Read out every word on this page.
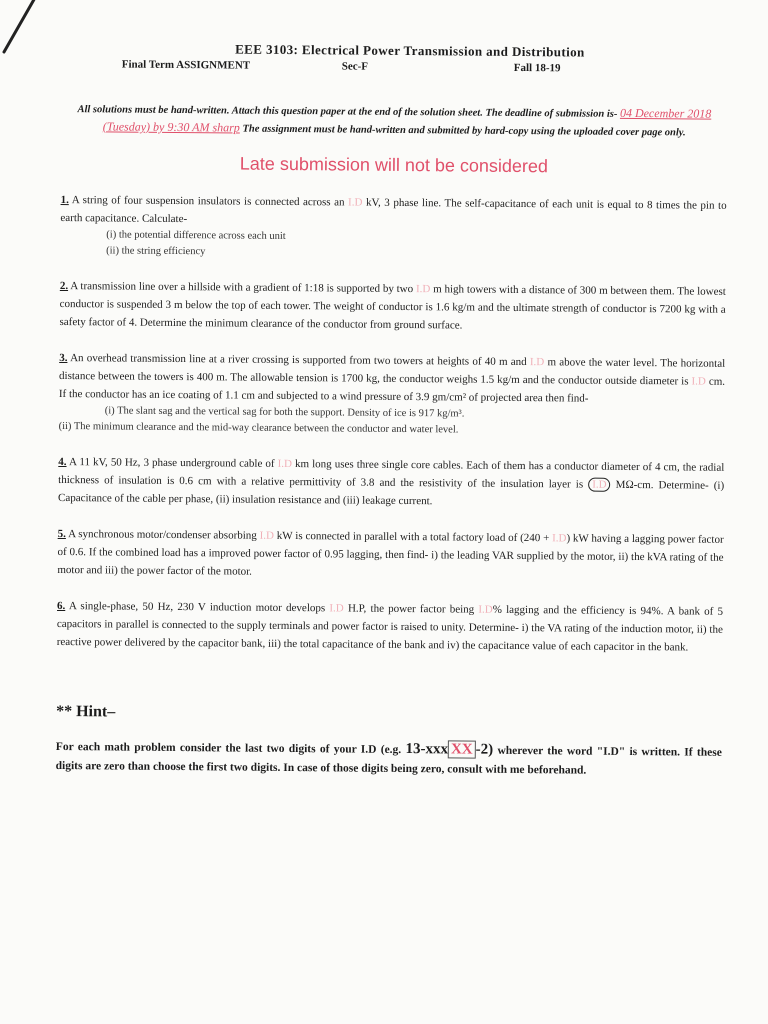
EEE 3103: Electrical Power Transmission and Distribution
Final Term ASSIGNMENT	Sec-F	Fall 18-19
All solutions must be hand-written. Attach this question paper at the end of the solution sheet. The deadline of submission is- 04 December 2018 (Tuesday) by 9:30 AM sharp The assignment must be hand-written and submitted by hard-copy using the uploaded cover page only.
Late submission will not be considered
1. A string of four suspension insulators is connected across an I.D kV, 3 phase line. The self-capacitance of each unit is equal to 8 times the pin to earth capacitance. Calculate-
(i) the potential difference across each unit
(ii) the string efficiency
2. A transmission line over a hillside with a gradient of 1:18 is supported by two I.D m high towers with a distance of 300 m between them. The lowest conductor is suspended 3 m below the top of each tower. The weight of conductor is 1.6 kg/m and the ultimate strength of conductor is 7200 kg with a safety factor of 4. Determine the minimum clearance of the conductor from ground surface.
3. An overhead transmission line at a river crossing is supported from two towers at heights of 40 m and I.D m above the water level. The horizontal distance between the towers is 400 m. The allowable tension is 1700 kg, the conductor weighs 1.5 kg/m and the conductor outside diameter is I.D cm. If the conductor has an ice coating of 1.1 cm and subjected to a wind pressure of 3.9 gm/cm² of projected area then find-
(i) The slant sag and the vertical sag for both the support. Density of ice is 917 kg/m³.
(ii) The minimum clearance and the mid-way clearance between the conductor and water level.
4. A 11 kV, 50 Hz, 3 phase underground cable of I.D km long uses three single core cables. Each of them has a conductor diameter of 4 cm, the radial thickness of insulation is 0.6 cm with a relative permittivity of 3.8 and the resistivity of the insulation layer is I.D MΩ-cm. Determine- (i) Capacitance of the cable per phase, (ii) insulation resistance and (iii) leakage current.
5. A synchronous motor/condenser absorbing I.D kW is connected in parallel with a total factory load of (240 + I.D) kW having a lagging power factor of 0.6. If the combined load has a improved power factor of 0.95 lagging, then find- i) the leading VAR supplied by the motor, ii) the kVA rating of the motor and iii) the power factor of the motor.
6. A single-phase, 50 Hz, 230 V induction motor develops I.D H.P, the power factor being I.D% lagging and the efficiency is 94%. A bank of 5 capacitors in parallel is connected to the supply terminals and power factor is raised to unity. Determine- i) the VA rating of the induction motor, ii) the reactive power delivered by the capacitor bank, iii) the total capacitance of the bank and iv) the capacitance value of each capacitor in the bank.
** Hint–
For each math problem consider the last two digits of your I.D (e.g. 13-xxx XX -2) wherever the word "I.D" is written. If these digits are zero than choose the first two digits. In case of those digits being zero, consult with me beforehand.
